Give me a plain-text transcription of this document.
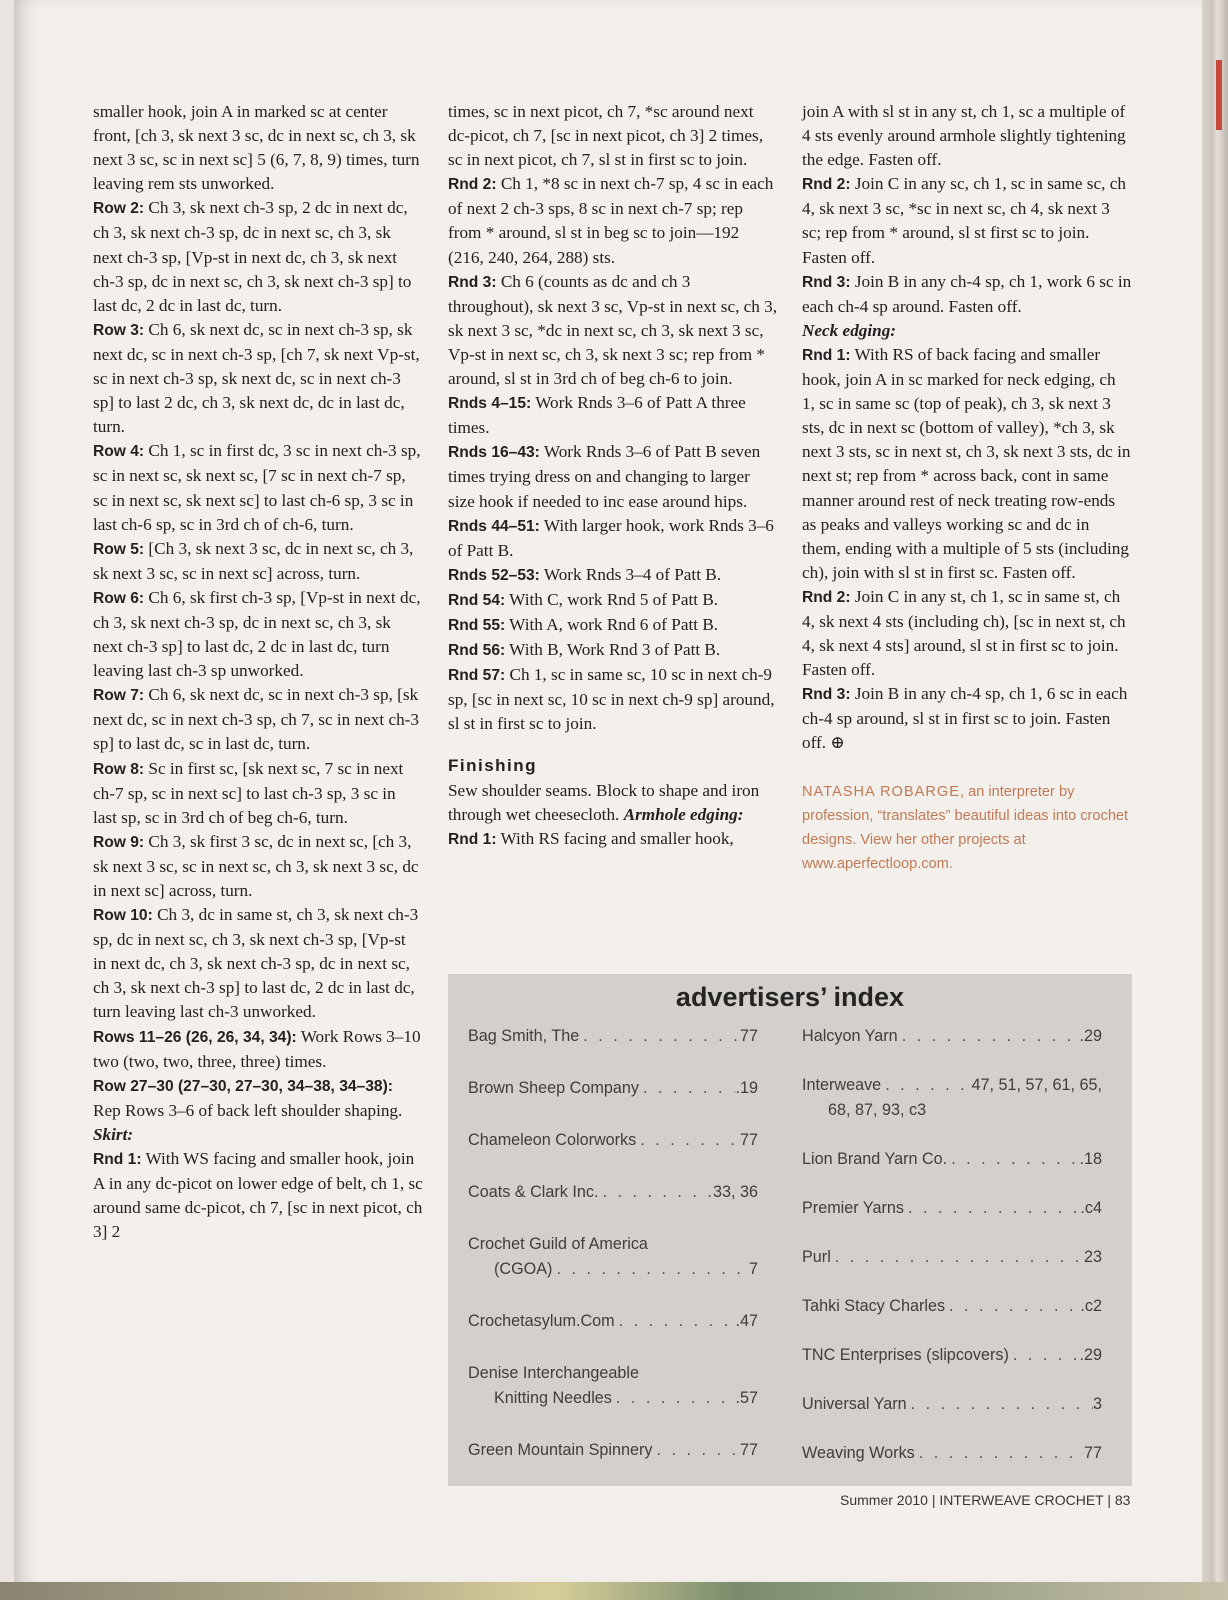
smaller hook, join A in marked sc at center front, [ch 3, sk next 3 sc, dc in next sc, ch 3, sk next 3 sc, sc in next sc] 5 (6, 7, 8, 9) times, turn leaving rem sts unworked.

Row 2: Ch 3, sk next ch-3 sp, 2 dc in next dc, ch 3, sk next ch-3 sp, dc in next sc, ch 3, sk next ch-3 sp, [Vp-st in next dc, ch 3, sk next ch-3 sp, dc in next sc, ch 3, sk next ch-3 sp] to last dc, 2 dc in last dc, turn.

Row 3: Ch 6, sk next dc, sc in next ch-3 sp, sk next dc, sc in next ch-3 sp, [ch 7, sk next Vp-st, sc in next ch-3 sp, sk next dc, sc in next ch-3 sp] to last 2 dc, ch 3, sk next dc, dc in last dc, turn.

Row 4: Ch 1, sc in first dc, 3 sc in next ch-3 sp, sc in next sc, sk next sc, [7 sc in next ch-7 sp, sc in next sc, sk next sc] to last ch-6 sp, 3 sc in last ch-6 sp, sc in 3rd ch of ch-6, turn.

Row 5: [Ch 3, sk next 3 sc, dc in next sc, ch 3, sk next 3 sc, sc in next sc] across, turn.

Row 6: Ch 6, sk first ch-3 sp, [Vp-st in next dc, ch 3, sk next ch-3 sp, dc in next sc, ch 3, sk next ch-3 sp] to last dc, 2 dc in last dc, turn leaving last ch-3 sp unworked.

Row 7: Ch 6, sk next dc, sc in next ch-3 sp, [sk next dc, sc in next ch-3 sp, ch 7, sc in next ch-3 sp] to last dc, sc in last dc, turn.

Row 8: Sc in first sc, [sk next sc, 7 sc in next ch-7 sp, sc in next sc] to last ch-3 sp, 3 sc in last sp, sc in 3rd ch of beg ch-6, turn.

Row 9: Ch 3, sk first 3 sc, dc in next sc, [ch 3, sk next 3 sc, sc in next sc, ch 3, sk next 3 sc, dc in next sc] across, turn.

Row 10: Ch 3, dc in same st, ch 3, sk next ch-3 sp, dc in next sc, ch 3, sk next ch-3 sp, [Vp-st in next dc, ch 3, sk next ch-3 sp, dc in next sc, ch 3, sk next ch-3 sp] to last dc, 2 dc in last dc, turn leaving last ch-3 unworked.

Rows 11–26 (26, 26, 34, 34): Work Rows 3–10 two (two, two, three, three) times.

Row 27–30 (27–30, 27–30, 34–38, 34–38): Rep Rows 3–6 of back left shoulder shaping.

Skirt:

Rnd 1: With WS facing and smaller hook, join A in any dc-picot on lower edge of belt, ch 1, sc around same dc-picot, ch 7, [sc in next picot, ch 3] 2

times, sc in next picot, ch 7, *sc around next dc-picot, ch 7, [sc in next picot, ch 3] 2 times, sc in next picot, ch 7, sl st in first sc to join.

Rnd 2: Ch 1, *8 sc in next ch-7 sp, 4 sc in each of next 2 ch-3 sps, 8 sc in next ch-7 sp; rep from * around, sl st in beg sc to join—192 (216, 240, 264, 288) sts.

Rnd 3: Ch 6 (counts as dc and ch 3 throughout), sk next 3 sc, Vp-st in next sc, ch 3, sk next 3 sc, *dc in next sc, ch 3, sk next 3 sc, Vp-st in next sc, ch 3, sk next 3 sc; rep from * around, sl st in 3rd ch of beg ch-6 to join.

Rnds 4–15: Work Rnds 3–6 of Patt A three times.

Rnds 16–43: Work Rnds 3–6 of Patt B seven times trying dress on and changing to larger size hook if needed to inc ease around hips.

Rnds 44–51: With larger hook, work Rnds 3–6 of Patt B.

Rnds 52–53: Work Rnds 3–4 of Patt B.

Rnd 54: With C, work Rnd 5 of Patt B.

Rnd 55: With A, work Rnd 6 of Patt B.

Rnd 56: With B, Work Rnd 3 of Patt B.

Rnd 57: Ch 1, sc in same sc, 10 sc in next ch-9 sp, [sc in next sc, 10 sc in next ch-9 sp] around, sl st in first sc to join.

Finishing

Sew shoulder seams. Block to shape and iron through wet cheesecloth. Armhole edging:

Rnd 1: With RS facing and smaller hook,

join A with sl st in any st, ch 1, sc a multiple of 4 sts evenly around armhole slightly tightening the edge. Fasten off.

Rnd 2: Join C in any sc, ch 1, sc in same sc, ch 4, sk next 3 sc, *sc in next sc, ch 4, sk next 3 sc; rep from * around, sl st first sc to join. Fasten off.

Rnd 3: Join B in any ch-4 sp, ch 1, work 6 sc in each ch-4 sp around. Fasten off.

Neck edging:

Rnd 1: With RS of back facing and smaller hook, join A in sc marked for neck edging, ch 1, sc in same sc (top of peak), ch 3, sk next 3 sts, dc in next sc (bottom of valley), *ch 3, sk next 3 sts, sc in next st, ch 3, sk next 3 sts, dc in next st; rep from * across back, cont in same manner around rest of neck treating row-ends as peaks and valleys working sc and dc in them, ending with a multiple of 5 sts (including ch), join with sl st in first sc. Fasten off.

Rnd 2: Join C in any st, ch 1, sc in same st, ch 4, sk next 4 sts (including ch), [sc in next st, ch 4, sk next 4 sts] around, sl st in first sc to join. Fasten off.

Rnd 3: Join B in any ch-4 sp, ch 1, 6 sc in each ch-4 sp around, sl st in first sc to join. Fasten off. ⊕

NATASHA ROBARGE, an interpreter by profession, “translates” beautiful ideas into crochet designs. View her other projects at www.aperfectloop.com.

advertisers’ index
Bag Smith, The . . .	77
Brown Sheep Company . . .	.19
Chameleon Colorworks . . .	77
Coats & Clark Inc. . . .	33, 36
Crochet Guild of America
(CGOA) . . .	7
Crochetasylum.Com . . .	.47
Denise Interchangeable
Knitting Needles . . .	.57
Green Mountain Spinnery . . .	77
Halcyon Yarn . . .	.29
Interweave . . .	47, 51, 57, 61, 65,
68, 87, 93, c3
Lion Brand Yarn Co. . . .	.18
Premier Yarns . . .	.c4
Purl . . .	23
Tahki Stacy Charles . . .	.c2
TNC Enterprises (slipcovers) . . .	.29
Universal Yarn . . .	3
Weaving Works . . .	77
Summer 2010 | INTERWEAVE CROCHET | 83
